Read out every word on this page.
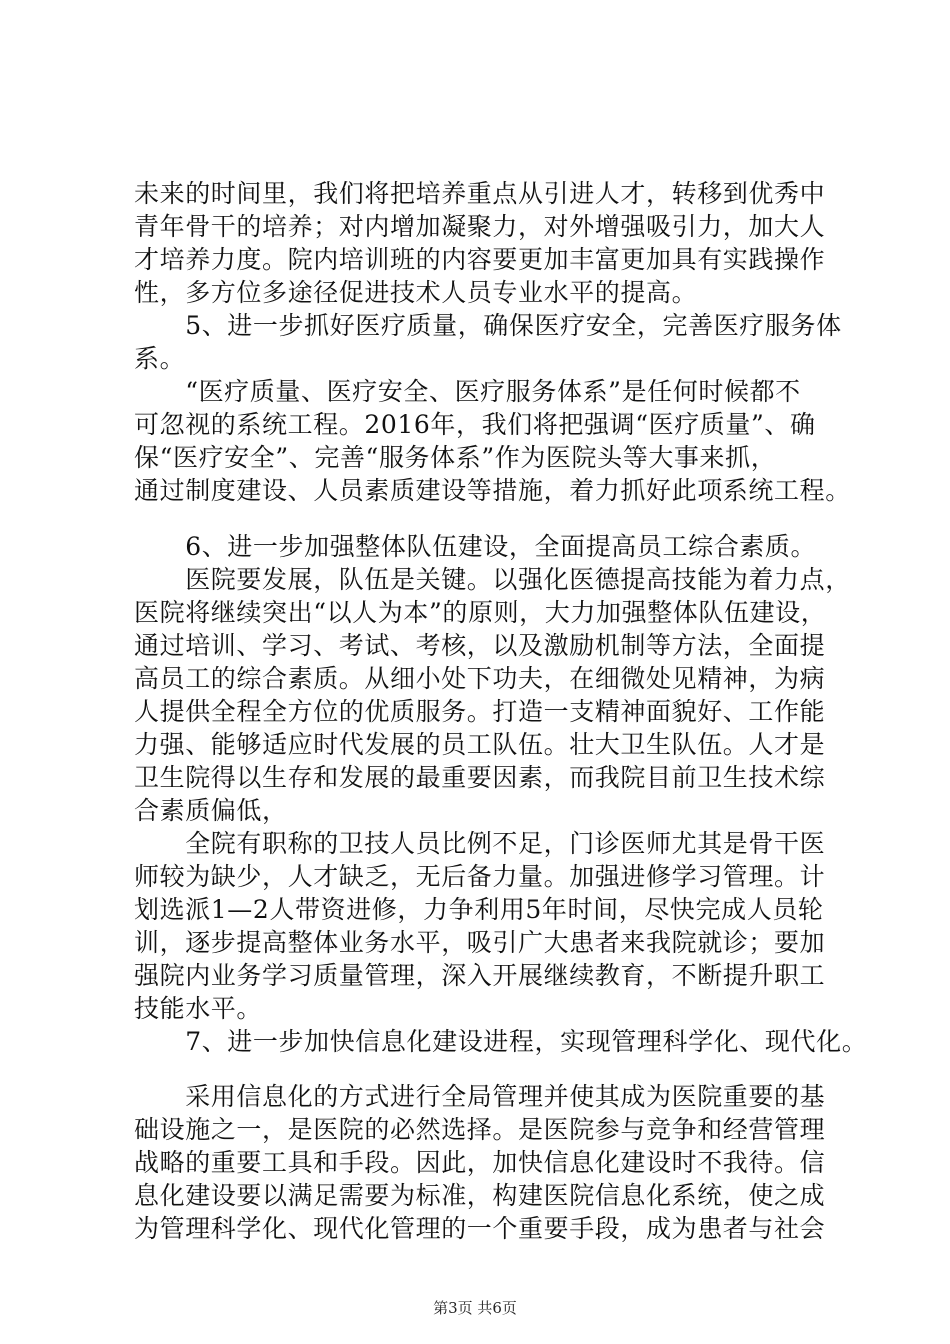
未来的时间里，我们将把培养重点从引进人才，转移到优秀中
青年骨干的培养；对内增加凝聚力，对外增强吸引力，加大人
才培养力度。院内培训班的内容要更加丰富更加具有实践操作
性，多方位多途径促进技术人员专业水平的提高。
　　5、进一步抓好医疗质量，确保医疗安全，完善医疗服务体
系。
　　“医疗质量、医疗安全、医疗服务体系”是任何时候都不
可忽视的系统工程。2016年，我们将把强调“医疗质量”、确
保“医疗安全”、完善“服务体系”作为医院头等大事来抓，
通过制度建设、人员素质建设等措施，着力抓好此项系统工程。
　　6、进一步加强整体队伍建设，全面提高员工综合素质。
　　医院要发展，队伍是关键。以强化医德提高技能为着力点，
医院将继续突出“以人为本”的原则，大力加强整体队伍建设，
通过培训、学习、考试、考核，以及激励机制等方法，全面提
高员工的综合素质。从细小处下功夫，在细微处见精神，为病
人提供全程全方位的优质服务。打造一支精神面貌好、工作能
力强、能够适应时代发展的员工队伍。壮大卫生队伍。人才是
卫生院得以生存和发展的最重要因素，而我院目前卫生技术综
合素质偏低，
　　全院有职称的卫技人员比例不足，门诊医师尤其是骨干医
师较为缺少，人才缺乏，无后备力量。加强进修学习管理。计
划选派1—2人带资进修，力争利用5年时间，尽快完成人员轮
训，逐步提高整体业务水平，吸引广大患者来我院就诊；要加
强院内业务学习质量管理，深入开展继续教育，不断提升职工
技能水平。
　　7、进一步加快信息化建设进程，实现管理科学化、现代化。
　　采用信息化的方式进行全局管理并使其成为医院重要的基
础设施之一，是医院的必然选择。是医院参与竞争和经营管理
战略的重要工具和手段。因此，加快信息化建设时不我待。信
息化建设要以满足需要为标准，构建医院信息化系统，使之成
为管理科学化、现代化管理的一个重要手段，成为患者与社会
第3页 共6页
